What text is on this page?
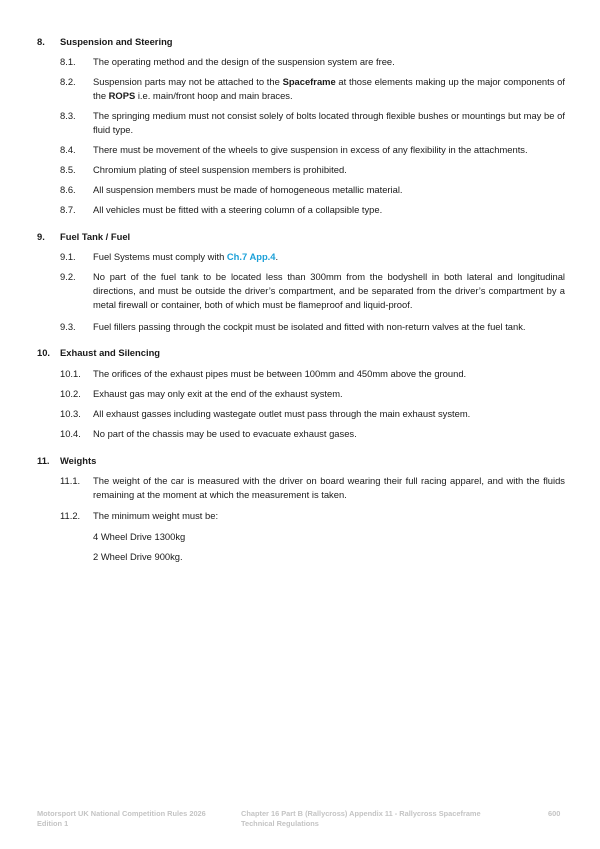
8. Suspension and Steering
8.1. The operating method and the design of the suspension system are free.
8.2. Suspension parts may not be attached to the Spaceframe at those elements making up the major components of the ROPS i.e. main/front hoop and main braces.
8.3. The springing medium must not consist solely of bolts located through flexible bushes or mountings but may be of fluid type.
8.4. There must be movement of the wheels to give suspension in excess of any flexibility in the attachments.
8.5. Chromium plating of steel suspension members is prohibited.
8.6. All suspension members must be made of homogeneous metallic material.
8.7. All vehicles must be fitted with a steering column of a collapsible type.
9. Fuel Tank / Fuel
9.1. Fuel Systems must comply with Ch.7 App.4.
9.2. No part of the fuel tank to be located less than 300mm from the bodyshell in both lateral and longitudinal directions, and must be outside the driver’s compartment, and be separated from the driver’s compartment by a metal firewall or container, both of which must be flameproof and liquid-proof.
9.3. Fuel fillers passing through the cockpit must be isolated and fitted with non-return valves at the fuel tank.
10. Exhaust and Silencing
10.1. The orifices of the exhaust pipes must be between 100mm and 450mm above the ground.
10.2. Exhaust gas may only exit at the end of the exhaust system.
10.3. All exhaust gasses including wastegate outlet must pass through the main exhaust system.
10.4. No part of the chassis may be used to evacuate exhaust gases.
11. Weights
11.1. The weight of the car is measured with the driver on board wearing their full racing apparel, and with the fluids remaining at the moment at which the measurement is taken.
11.2. The minimum weight must be:
4 Wheel Drive 1300kg
2 Wheel Drive 900kg.
Motorsport UK National Competition Rules 2026
Edition 1
Chapter 16 Part B (Rallycross) Appendix 11 - Rallycross Spaceframe
Technical Regulations
600
